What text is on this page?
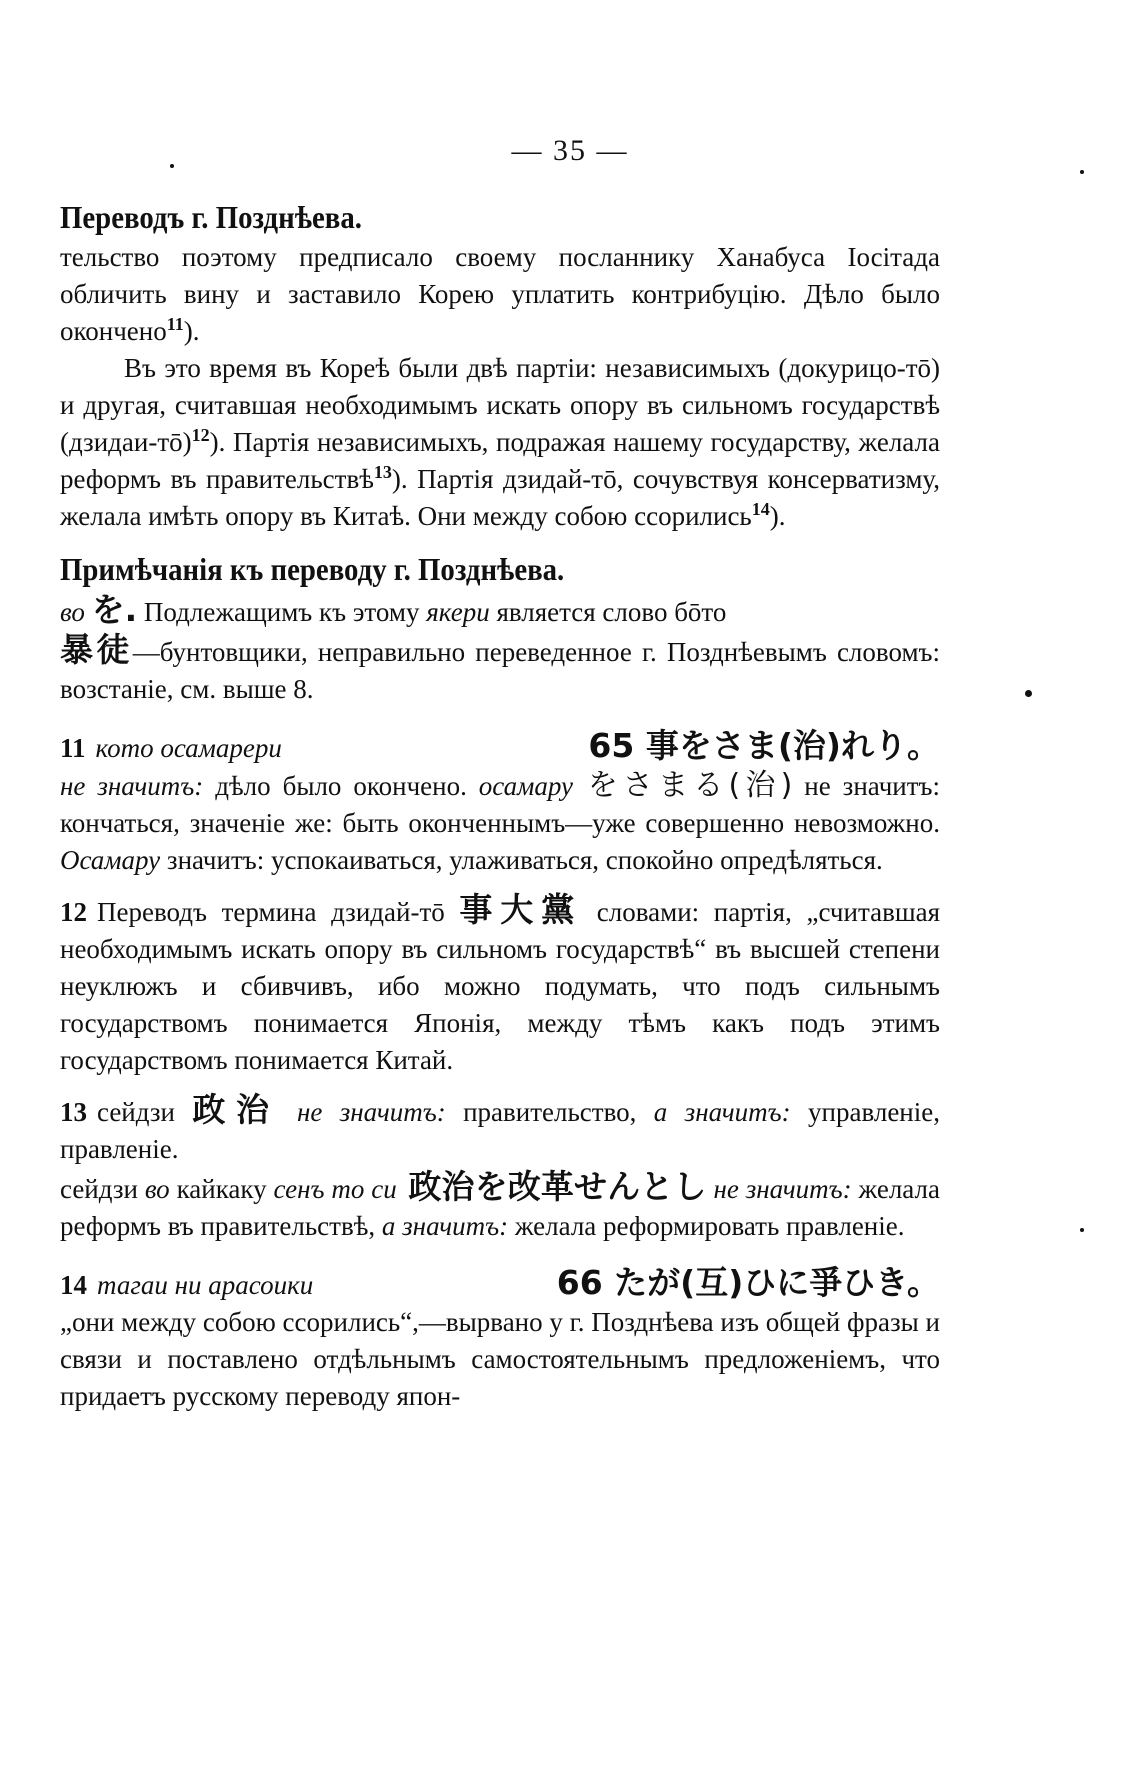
— 35 —
Переводъ г. Позднѣева.

тельство поэтому предписало своему посланнику Ханабуса Іосітада обличить вину и заставило Корею уплатить контрибуцію. Дѣло было окончено$^{11}$).

Въ это время въ Кореѣ были двѣ партіи: независимыхъ (докурицо-тō) и другая, считавшая необходимымъ искать опору въ сильномъ государствѣ (дзидаи-тō)$^{12}$). Партія независимыхъ, подражая нашему государству, желала реформъ въ правительствѣ$^{13}$). Партія дзидай-тō, сочувствуя консерватизму, желала имѣть опору въ Китаѣ. Они между собою ссорились$^{14}$).

Примѣчанія къ переводу г. Позднѣева.

во を. Подлежащимъ къ этому якери является слово бōто
暴徒—бунтовщики, неправильно переведенное г. Позднѣевымъ словомъ: возстаніе, см. выше 8.

11 кото осамарери	65 事をさま(治)れり。

не значитъ: дѣло было окончено. осамару をさまる(治) не значитъ: кончаться, значеніе же: быть оконченнымъ—уже совершенно невозможно. Осамару значитъ: успокаиваться, улаживаться, спокойно опредѣляться.

12 Переводъ термина дзидай-тō 事大黨 словами: партія, „считавшая необходимымъ искать опору въ сильномъ государствѣ“ въ высшей степени неуклюжъ и сбивчивъ, ибо можно подумать, что подъ сильнымъ государствомъ понимается Японія, между тѣмъ какъ подъ этимъ государствомъ понимается Китай.

13 сейдзи 政治 не значитъ: правительство, а значитъ: управленіе, правленіе.

сейдзи во кайкаку сенъ то си 政治を改革せんとし не значитъ: желала реформъ въ правительствѣ, а значитъ: желала реформировать правленіе.

14 тагаи ни арасоики	66 たが(互)ひに爭ひき。

„они между собою ссорились“,—вырвано у г. Позднѣева изъ общей фразы и связи и поставлено отдѣльнымъ самостоятельнымъ предложеніемъ, что придаетъ русскому переводу япон-
